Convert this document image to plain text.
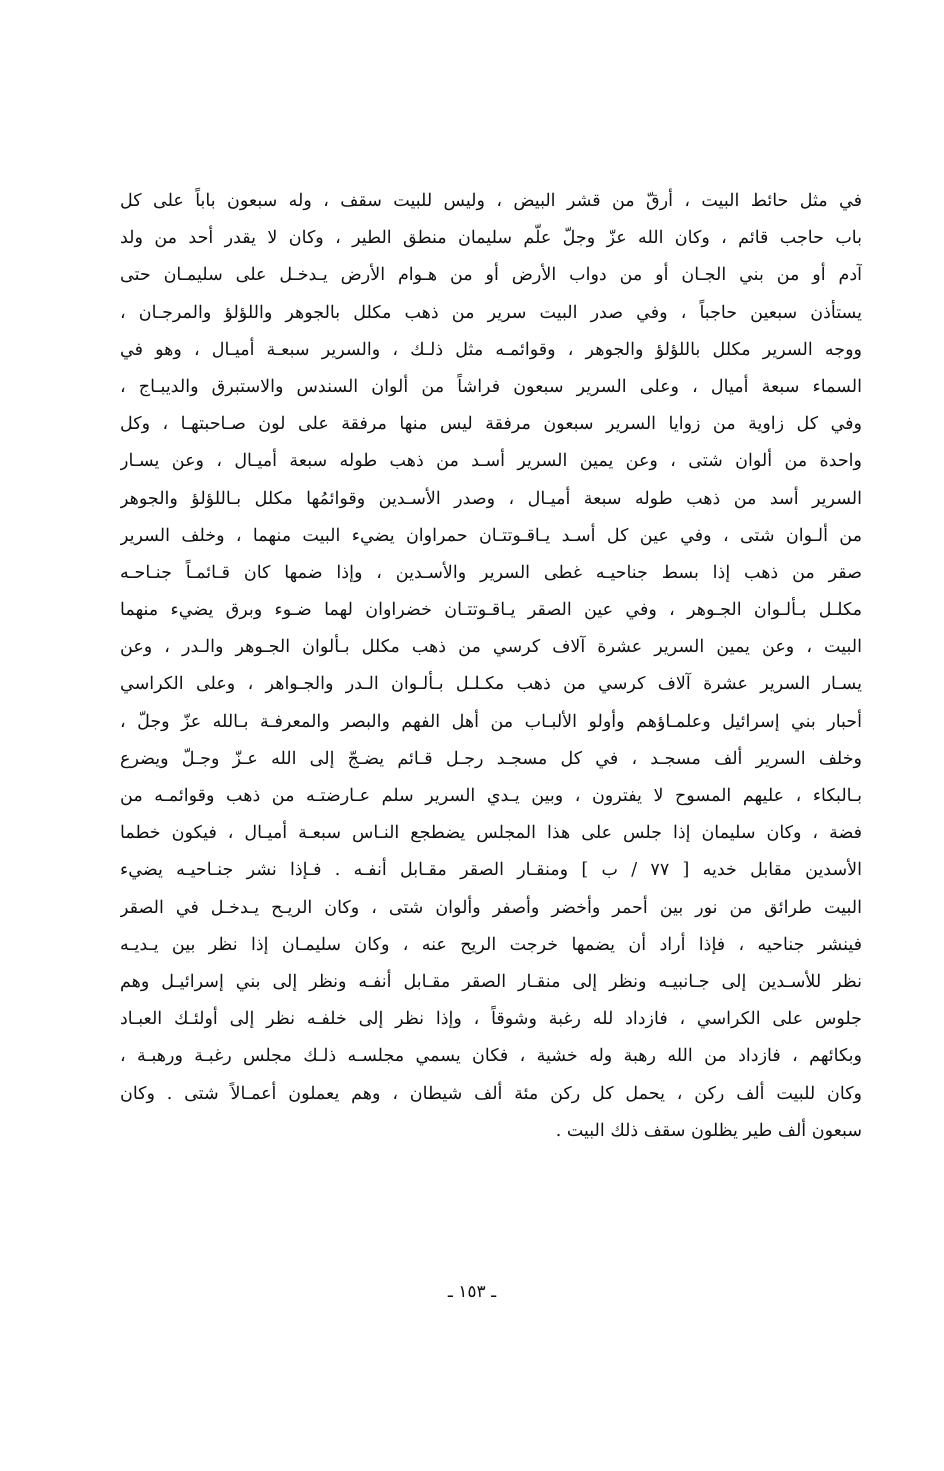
في مثل حائط البيت ، أرقّ من قشر البيض ، وليس للبيت سقف ، وله سبعون باباً على كل
باب حاجب قائم ، وكان الله عزّ وجلّ علّم سليمان منطق الطير ، وكان لا يقدر أحد من ولد
آدم أو من بني الجـان أو من دواب الأرض أو من هـوام الأرض يـدخـل على سليمـان حتى
يستأذن سبعين حاجباً ، وفي صدر البيت سرير من ذهب مكلل بالجوهر واللؤلؤ والمرجـان ،
ووجه السرير مكلل باللؤلؤ والجوهر ، وقوائمـه مثل ذلـك ، والسرير سبعـة أميـال ، وهو في
السماء سبعة أميال ، وعلى السرير سبعون فراشاً من ألوان السندس والاستبرق والديبـاج ،
وفي كل زاوية من زوايا السرير سبعون مرفقة ليس منها مرفقة على لون صـاحبتهـا ، وكل
واحدة من ألوان شتى ، وعن يمين السرير أسـد من ذهب طوله سبعة أميـال ، وعن يسـار
السرير أسد من ذهب طوله سبعة أميـال ، وصدر الأسـدين وقوائمُها مكلل بـاللؤلؤ والجوهر
من ألـوان شتى ، وفي عين كل أسـد يـاقـوتتـان حمراوان يضيء البيت منهما ، وخلف السرير
صقر من ذهب إذا بسط جناحيـه غطى السرير والأسـدين ، وإذا ضمها كان قـائمـاً جنـاحـه
مكلـل بـألـوان الجـوهر ، وفي عين الصقر يـاقـوتتـان خضراوان لهما ضـوء وبرق يضيء منهما
البيت ، وعن يمين السرير عشرة آلاف كرسي من ذهب مكلل بـألوان الجـوهر والـدر ، وعن
يسـار السرير عشرة آلاف كرسي من ذهب مكـلـل بـألـوان الـدر والجـواهر ، وعلى الكراسي
أحبار بني إسرائيل وعلمـاؤهم وأولو الألبـاب من أهل الفهم والبصر والمعرفـة بـالله عزّ وجلّ ،
وخلف السرير ألف مسجـد ، في كل مسجـد رجـل قـائم يضـجّ إلى الله عـزّ وجـلّ ويضرع
بـالبكاء ، عليهم المسوح لا يفترون ، وبين يـدي السرير سلم عـارضتـه من ذهب وقوائمـه من
فضة ، وكان سليمان إذا جلس على هذا المجلس يضطجع النـاس سبعـة أميـال ، فيكون خطما
الأسدين مقابل خديه [ ٧٧ / ب ] ومنقـار الصقر مقـابل أنفـه . فـإذا نشر جنـاحيـه يضيء
البيت طرائق من نور بين أحمر وأخضر وأصفر وألوان شتى ، وكان الريـح يـدخـل في الصقر
فينشر جناحيه ، فإذا أراد أن يضمها خرجت الريح عنه ، وكان سليمـان إذا نظر بين يـديـه
نظر للأسـدين إلى جـانبيـه ونظر إلى منقـار الصقر مقـابل أنفـه ونظر إلى بني إسرائيـل وهم
جلوس على الكراسي ، فازداد لله رغبة وشوقاً ، وإذا نظر إلى خلفـه نظر إلى أولئـك العبـاد
وبكائهم ، فازداد من الله رهبة وله خشية ، فكان يسمي مجلسـه ذلـك مجلس رغبـة ورهبـة ،
وكان للبيت ألف ركن ، يحمل كل ركن مئة ألف شيطان ، وهم يعملون أعمـالاً شتى . وكان
سبعون ألف طير يظلون سقف ذلك البيت .
ـ ١٥٣ ـ
